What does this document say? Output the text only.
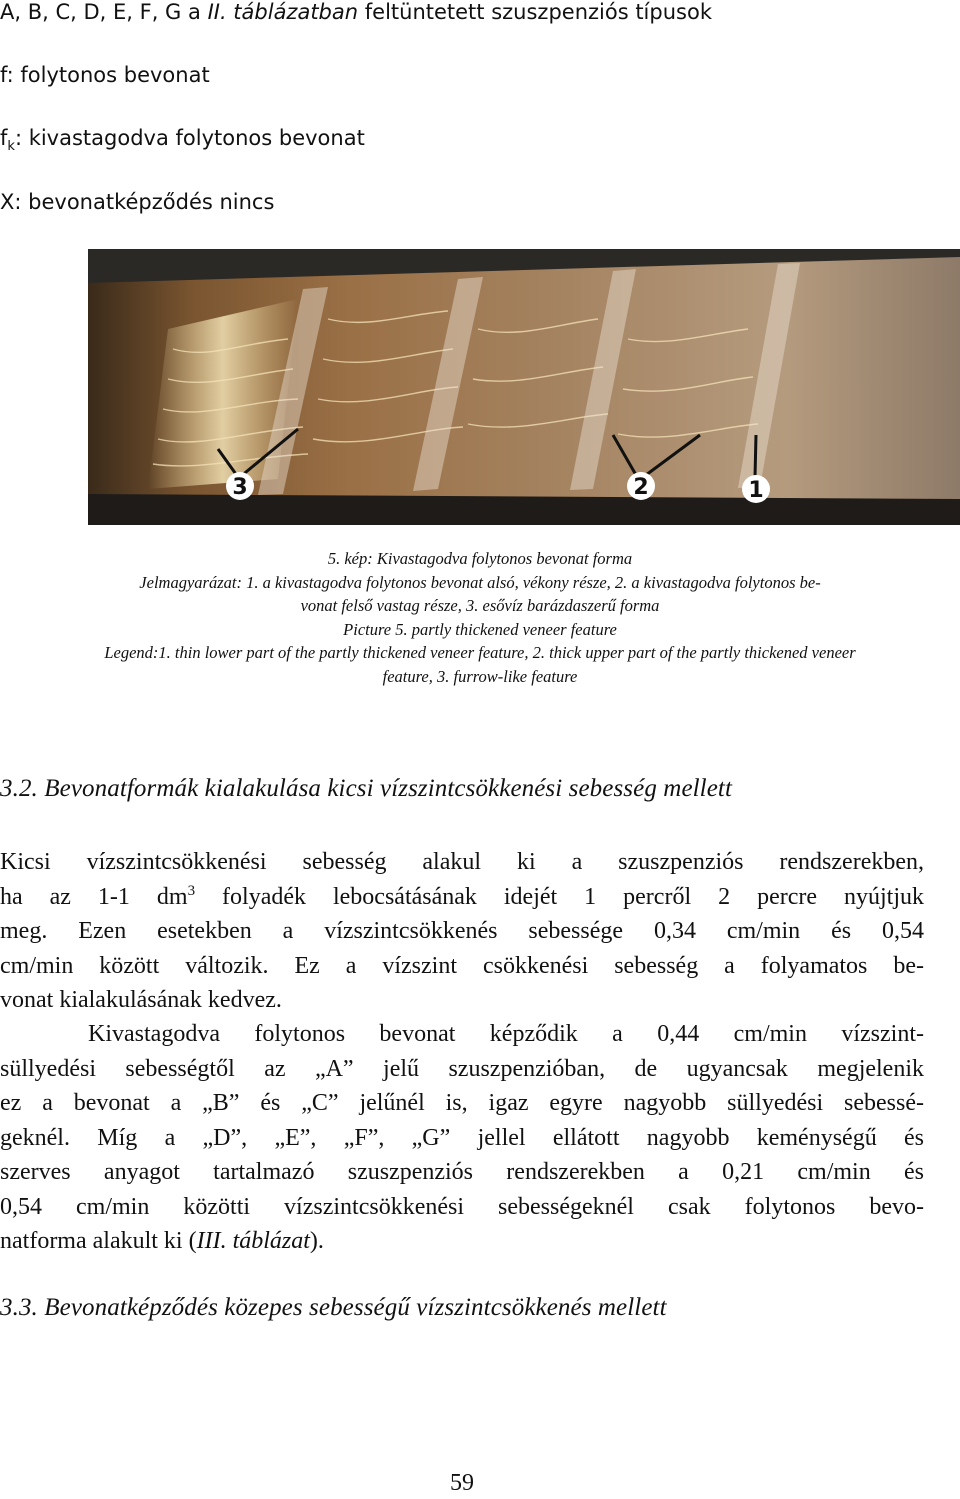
A, B, C, D, E, F, G a II. táblázatban feltüntetett szuszpenziós típusok
f: folytonos bevonat
$f_k$: kivastagodva folytonos bevonat
X: bevonatképződés nincs
3	2	1
5. kép: Kivastagodva folytonos bevonat forma
Jelmagyarázat: 1. a kivastagodva folytonos bevonat alsó, vékony része, 2. a kivastagodva folytonos be-
vonat felső vastag része, 3. esővíz barázdaszerű forma
Picture 5. partly thickened veneer feature
Legend:1. thin lower part of the partly thickened veneer feature, 2. thick upper part of the partly thickened veneer
feature, 3. furrow-like feature
3.2. Bevonatformák kialakulása kicsi vízszintcsökkenési sebesség mellett
Kicsi vízszintcsökkenési sebesség alakul ki a szuszpenziós rendszerekben,
ha az 1-1 $dm^3$ folyadék lebocsátásának idejét 1 percről 2 percre nyújtjuk
meg. Ezen esetekben a vízszintcsökkenés sebessége 0,34 cm/min és 0,54
cm/min között változik. Ez a vízszint csökkenési sebesség a folyamatos be-
vonat kialakulásának kedvez.
Kivastagodva folytonos bevonat képződik a 0,44 cm/min vízszint-
süllyedési sebességtől az „A” jelű szuszpenzióban, de ugyancsak megjelenik
ez a bevonat a „B” és „C” jelűnél is, igaz egyre nagyobb süllyedési sebessé-
geknél. Míg a „D”, „E”, „F”, „G” jellel ellátott nagyobb keménységű és
szerves anyagot tartalmazó szuszpenziós rendszerekben a 0,21 cm/min és
0,54 cm/min közötti vízszintcsökkenési sebességeknél csak folytonos bevo-
natforma alakult ki (III. táblázat).
3.3. Bevonatképződés közepes sebességű vízszintcsökkenés mellett
59
